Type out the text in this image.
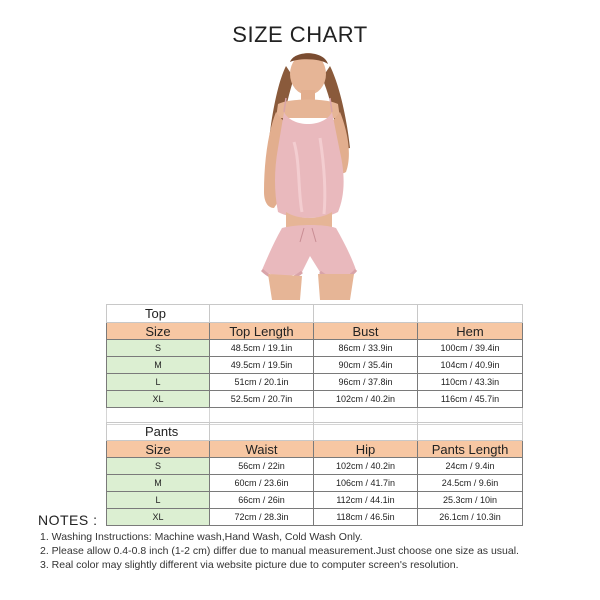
SIZE CHART
Top			
Size	Top Length	Bust	Hem
S	48.5cm / 19.1in	86cm / 33.9in	100cm / 39.4in
M	49.5cm / 19.5in	90cm / 35.4in	104cm / 40.9in
L	51cm / 20.1in	96cm / 37.8in	110cm / 43.3in
XL	52.5cm / 20.7in	102cm / 40.2in	116cm / 45.7in

Pants			
Size	Waist	Hip	Pants Length
S	56cm / 22in	102cm / 40.2in	24cm / 9.4in
M	60cm / 23.6in	106cm / 41.7in	24.5cm / 9.6in
L	66cm / 26in	112cm / 44.1in	25.3cm / 10in
XL	72cm / 28.3in	118cm / 46.5in	26.1cm / 10.3in
NOTES :
1. Washing Instructions: Machine wash,Hand Wash, Cold Wash Only.
2. Please allow 0.4-0.8 inch (1-2 cm) differ due to manual measurement.Just choose one size as usual.
3. Real color may slightly different via website picture due to computer screen's resolution.
